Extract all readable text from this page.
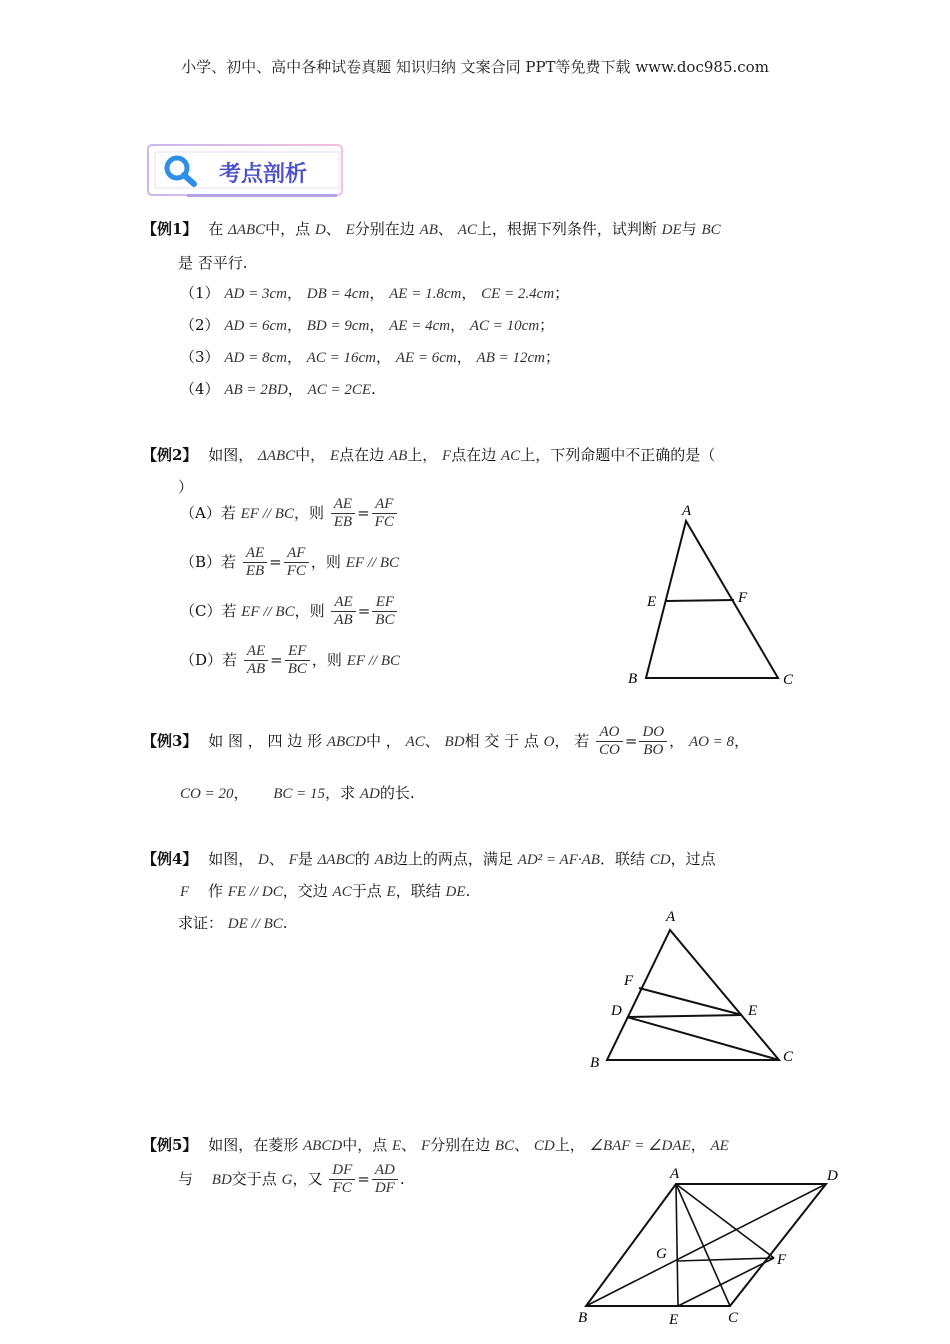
小学、初中、高中各种试卷真题 知识归纳 文案合同 PPT等免费下载 www.doc985.com
考点剖析
【例1】 在 ΔABC中，点 D、 E分别在边 AB、 AC上，根据下列条件，试判断 DE与 BC
是 否平行.
（1） AD = 3cm， DB = 4cm， AE = 1.8cm， CE = 2.4cm；
（2） AD = 6cm， BD = 9cm， AE = 4cm， AC = 10cm；
（3） AD = 8cm， AC = 16cm， AE = 6cm， AB = 12cm；
（4） AB = 2BD， AC = 2CE.
【例2】 如图， ΔABC中， E点在边 AB上， F点在边 AC上，下列命题中不正确的是（
）
（A）若 EF // BC，则 $\frac{AE}{EB} = \frac{AF}{FC}$
（B）若 $\frac{AE}{EB} = \frac{AF}{FC}$ ，则 EF // BC
（C）若 EF // BC，则 $\frac{AE}{AB} = \frac{EF}{BC}$
（D）若 $\frac{AE}{AB} = \frac{EF}{BC}$ ，则 EF // BC
A
B	C
E	F
【例3】 如 图 ， 四 边 形 ABCD中 ， AC、 BD相 交 于 点 O， 若 $\frac{AO}{CO} = \frac{DO}{BO}$ ， AO = 8，
CO = 20， BC = 15，求 AD的长.
【例4】 如图， D、 F是 ΔABC的 AB边上的两点，满足 AD² = AF·AB．联结 CD，过点
F 作 FE // DC，交边 AC于点 E，联结 DE.
求证： DE // BC.	A
B	C
D	E
F
【例5】 如图，在菱形 ABCD中，点 E、 F分别在边 BC、 CD上， ∠BAF = ∠DAE， AE
与 BD交于点 G，又 $\frac{DF}{FC} = \frac{AD}{DF}$ .	A	D
B	E	C
G	F
